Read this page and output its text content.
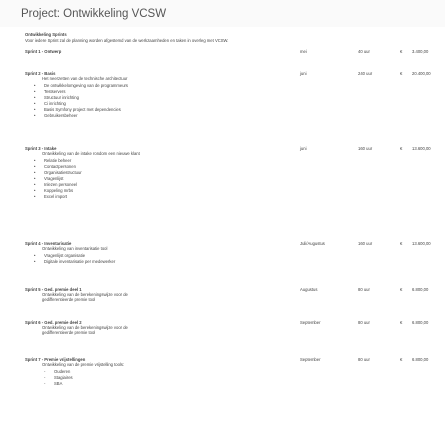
Project: Ontwikkeling VCSW
Ontwikkeling Sprints
Voor iedere Sprint zal de planning worden afgestemd van de werkzaamheden en taken in overleg met VCSW.
Sprint 1 - Ontwerp	mei	40 uur	€ 3.400,00
Sprint 2 - Basis	juni	240 uur	€ 20.400,00
Het neerzetten van de technische architectuur
• De ontwikkelomgeving van de programmeurs
• Testservers
• Structuur inrichting
• Ci inrichting
• Basis Symfony project met dependencies
• Gebruikersbeheer
Sprint 3 - Intake	juni	160 uur	€ 13.600,00
Ontwikkeling van de intake rondom een nieuwe klant
• Relatie beheer
• Contactpersonen
• Organisatiestructuur
• Vragenlijst
• Inlezen personeel
• Koppeling mrbs
• Excel import
Sprint 4 - Inventarisatie	Juli/Augustus	160 uur	€ 13.600,00
Ontwikkeling van inventarisatie tool
• Vragenlijst organisatie
• Digitale inventarisatie per medewerker
Sprint 5 - Ged. premie deel 1	Augustus	80 uur	€ 6.800,00
Ontwikkeling van de berekeningswijze voor de
gedifferentieerde premie tool
Sprint 6 - Ged. premie deel 2	September	80 uur	€ 6.800,00
Ontwikkeling van de berekeningswijze voor de
gedifferentieerde premie tool
Sprint 7 - Premie vrijstellingen	September	80 uur	€ 6.800,00
Ontwikkeling van de premie vrijstelling tools:
- Ouderen
- Stagiaires
- SBA
